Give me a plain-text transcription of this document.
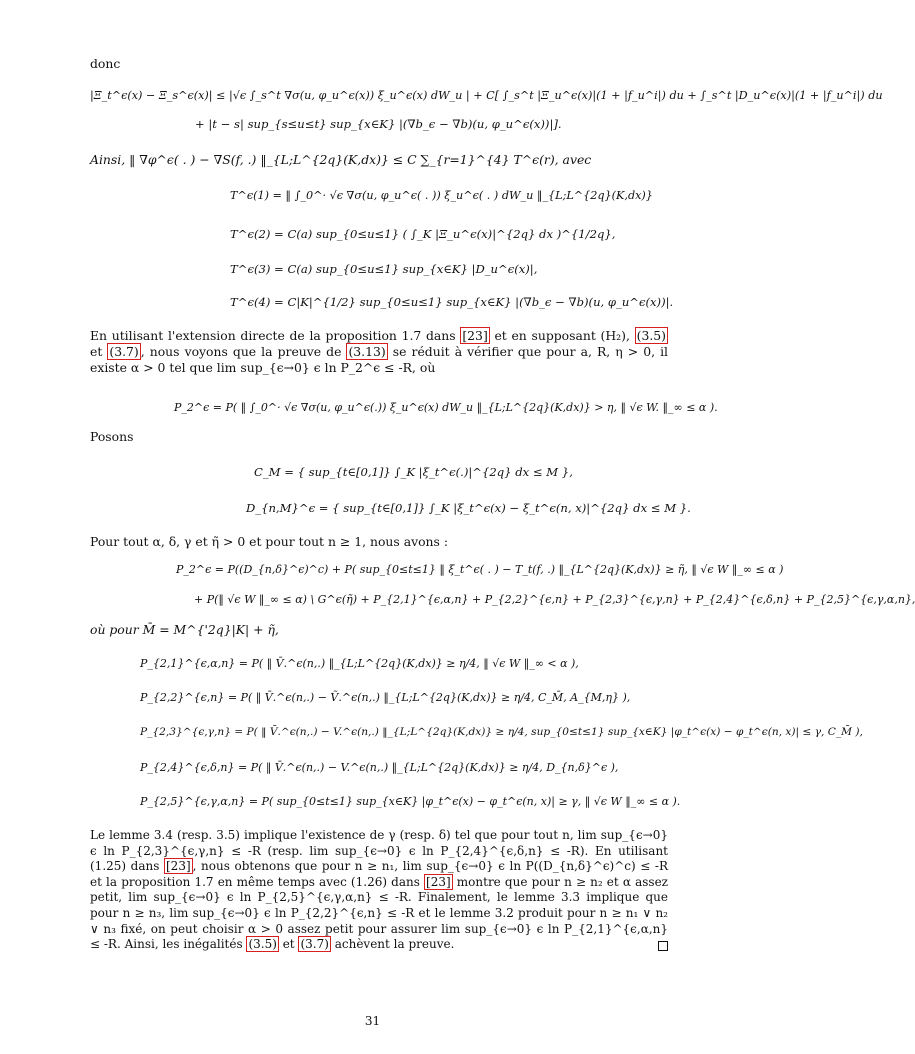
donc
|Ξ_t^ϵ(x) − Ξ_s^ϵ(x)| ≤ |√ϵ ∫_s^t ∇σ(u, φ_u^ϵ(x)) ξ_u^ϵ(x) dW_u | + C[ ∫_s^t |Ξ_u^ϵ(x)|(1 + |f_u^i|) du + ∫_s^t |D_u^ϵ(x)|(1 + |f_u^i|) du
+ |t − s| sup_{s≤u≤t} sup_{x∈K} |(∇b_ϵ − ∇b)(u, φ_u^ϵ(x))|].
Ainsi, ‖ ∇φ^ϵ( . ) − ∇S(f, .) ‖_{L;L^{2q}(K,dx)} ≤ C ∑_{r=1}^{4} T^ϵ(r), avec
T^ϵ(1) = ‖ ∫_0^· √ϵ ∇σ(u, φ_u^ϵ( . )) ξ_u^ϵ( . ) dW_u ‖_{L;L^{2q}(K,dx)}
T^ϵ(2) = C(a) sup_{0≤u≤1} ( ∫_K |Ξ_u^ϵ(x)|^{2q} dx )^{1/2q},
T^ϵ(3) = C(a) sup_{0≤u≤1} sup_{x∈K} |D_u^ϵ(x)|,
T^ϵ(4) = C|K|^{1/2} sup_{0≤u≤1} sup_{x∈K} |(∇b_ϵ − ∇b)(u, φ_u^ϵ(x))|.

En utilisant l'extension directe de la proposition 1.7 dans [23] et en supposant (H₂), (3.5) et (3.7) , nous voyons que la preuve de (3.13) se réduit à vérifier que pour a, R, η > 0, il existe α > 0 tel que lim sup_{ϵ→0} ϵ ln P_2^ϵ ≤ -R, où

P_2^ϵ = P( ‖ ∫_0^· √ϵ ∇σ(u, φ_u^ϵ(.)) ξ_u^ϵ(x) dW_u ‖_{L;L^{2q}(K,dx)} > η, ‖ √ϵ W. ‖_∞ ≤ α ).
Posons
C_M = { sup_{t∈[0,1]} ∫_K |ξ_t^ϵ(.)|^{2q} dx ≤ M },
D_{n,M}^ϵ = { sup_{t∈[0,1]} ∫_K |ξ_t^ϵ(x) − ξ_t^ϵ(n, x)|^{2q} dx ≤ M }.
Pour tout α, δ, γ et η̃ > 0 et pour tout n ≥ 1, nous avons :
P_2^ϵ = P((D_{n,δ}^ϵ)^c) + P( sup_{0≤t≤1} ‖ ξ_t^ϵ( . ) − T_t(f, .) ‖_{L^{2q}(K,dx)} ≥ η̃, ‖ √ϵ W ‖_∞ ≤ α )
+ P(‖ √ϵ W ‖_∞ ≤ α) \ G^ϵ(η̃) + P_{2,1}^{ϵ,α,n} + P_{2,2}^{ϵ,n} + P_{2,3}^{ϵ,γ,n} + P_{2,4}^{ϵ,δ,n} + P_{2,5}^{ϵ,γ,α,n},
où pour M̄ = M^{'2q}|K| + η̃,
P_{2,1}^{ϵ,α,n} = P( ‖ V̄.^ϵ(n,.) ‖_{L;L^{2q}(K,dx)} ≥ η/4, ‖ √ϵ W ‖_∞ < α ),
P_{2,2}^{ϵ,n} = P( ‖ V̄.^ϵ(n,.) − Ṽ.^ϵ(n,.) ‖_{L;L^{2q}(K,dx)} ≥ η/4, C_M̄, A_{M,η} ),
P_{2,3}^{ϵ,γ,n} = P( ‖ V̄.^ϵ(n,.) − V.^ϵ(n,.) ‖_{L;L^{2q}(K,dx)} ≥ η/4, sup_{0≤t≤1} sup_{x∈K} |φ_t^ϵ(x) − φ_t^ϵ(n, x)| ≤ γ, C_M̄ ),
P_{2,4}^{ϵ,δ,n} = P( ‖ V̄.^ϵ(n,.) − V.^ϵ(n,.) ‖_{L;L^{2q}(K,dx)} ≥ η/4, D_{n,δ}^ϵ ),
P_{2,5}^{ϵ,γ,α,n} = P( sup_{0≤t≤1} sup_{x∈K} |φ_t^ϵ(x) − φ_t^ϵ(n, x)| ≥ γ, ‖ √ϵ W ‖_∞ ≤ α ).

Le lemme 3.4 (resp. 3.5) implique l'existence de γ (resp. δ) tel que pour tout n, lim sup_{ϵ→0} ϵ ln P_{2,3}^{ϵ,γ,n} ≤ -R (resp. lim sup_{ϵ→0} ϵ ln P_{2,4}^{ϵ,δ,n} ≤ -R). En utilisant (1.25) dans [23] , nous obtenons que pour n ≥ n₁, lim sup_{ϵ→0} ϵ ln P((D_{n,δ}^ϵ)^c) ≤ -R et la proposition 1.7 en même temps avec (1.26) dans [23] montre que pour n ≥ n₂ et α assez petit, lim sup_{ϵ→0} ϵ ln P_{2,5}^{ϵ,γ,α,n} ≤ -R. Finalement, le lemme 3.3 implique que pour n ≥ n₃, lim sup_{ϵ→0} ϵ ln P_{2,2}^{ϵ,n} ≤ -R et le lemme 3.2 produit pour n ≥ n₁ ∨ n₂ ∨ n₃ fixé, on peut choisir α > 0 assez petit pour assurer lim sup_{ϵ→0} ϵ ln P_{2,1}^{ϵ,α,n} ≤ -R. Ainsi, les inégalités (3.5) et (3.7) achèvent la preuve.

31
